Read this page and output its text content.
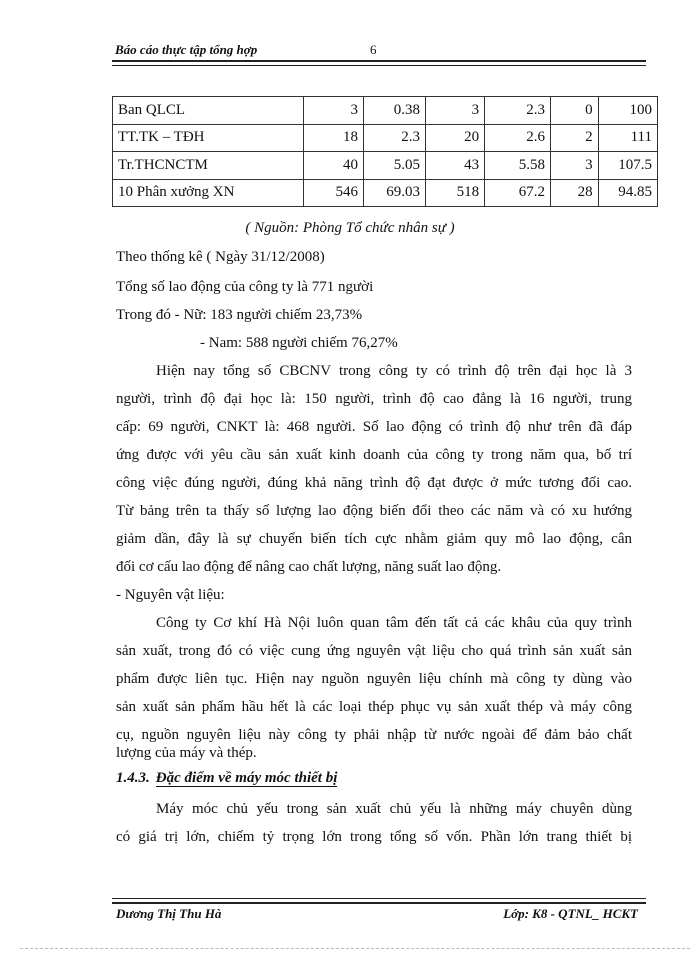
Báo cáo thực tập tổng hợp	6
Ban QLCL	3	0.38	3	2.3	0	100
TT.TK – TĐH	18	2.3	20	2.6	2	111
Tr.THCNCTM	40	5.05	43	5.58	3	107.5
10 Phân xưởng XN	546	69.03	518	67.2	28	94.85
( Nguồn: Phòng Tổ chức nhân sự )
Theo thống kê ( Ngày 31/12/2008)
Tổng số lao động của công ty là 771 người
Trong đó - Nữ: 183 người chiếm 23,73%
- Nam: 588 người chiếm 76,27%
Hiện nay tổng số CBCNV trong công ty có trình độ trên đại học là 3
người, trình độ đại học là: 150 người, trình độ cao đẳng là 16 người, trung
cấp: 69 người, CNKT là: 468 người. Số lao động có trình độ như trên đã đáp
ứng được với yêu cầu sản xuất kinh doanh của công ty trong năm qua, bố trí
công việc đúng người, đúng khả năng trình độ đạt được ở mức tương đối cao.
Từ bảng trên ta thấy số lượng lao động biến đổi theo các năm và có xu hướng
giảm dần, đây là sự chuyển biến tích cực nhằm giảm quy mô lao động, cân
đối cơ cấu lao động để nâng cao chất lượng, năng suất lao động.
- Nguyên vật liệu:
Công ty Cơ khí Hà Nội luôn quan tâm đến tất cả các khâu của quy trình
sản xuất, trong đó có việc cung ứng nguyên vật liệu cho quá trình sản xuất sản
phẩm được liên tục. Hiện nay nguồn nguyên liệu chính mà công ty dùng vào
sản xuất sản phẩm hầu hết là các loại thép phục vụ sản xuất thép và máy công
cụ, nguồn nguyên liệu này công ty phải nhập từ nước ngoài để đảm bảo chất
lượng của máy và thép.
Máy móc chủ yếu trong sản xuất chủ yếu là những máy chuyên dùng
có giá trị lớn, chiếm tỷ trọng lớn trong tổng số vốn. Phần lớn trang thiết bị
1.4.3. Đặc điểm về máy móc thiết bị
Dương Thị Thu Hà	Lớp: K8 - QTNL_ HCKT
